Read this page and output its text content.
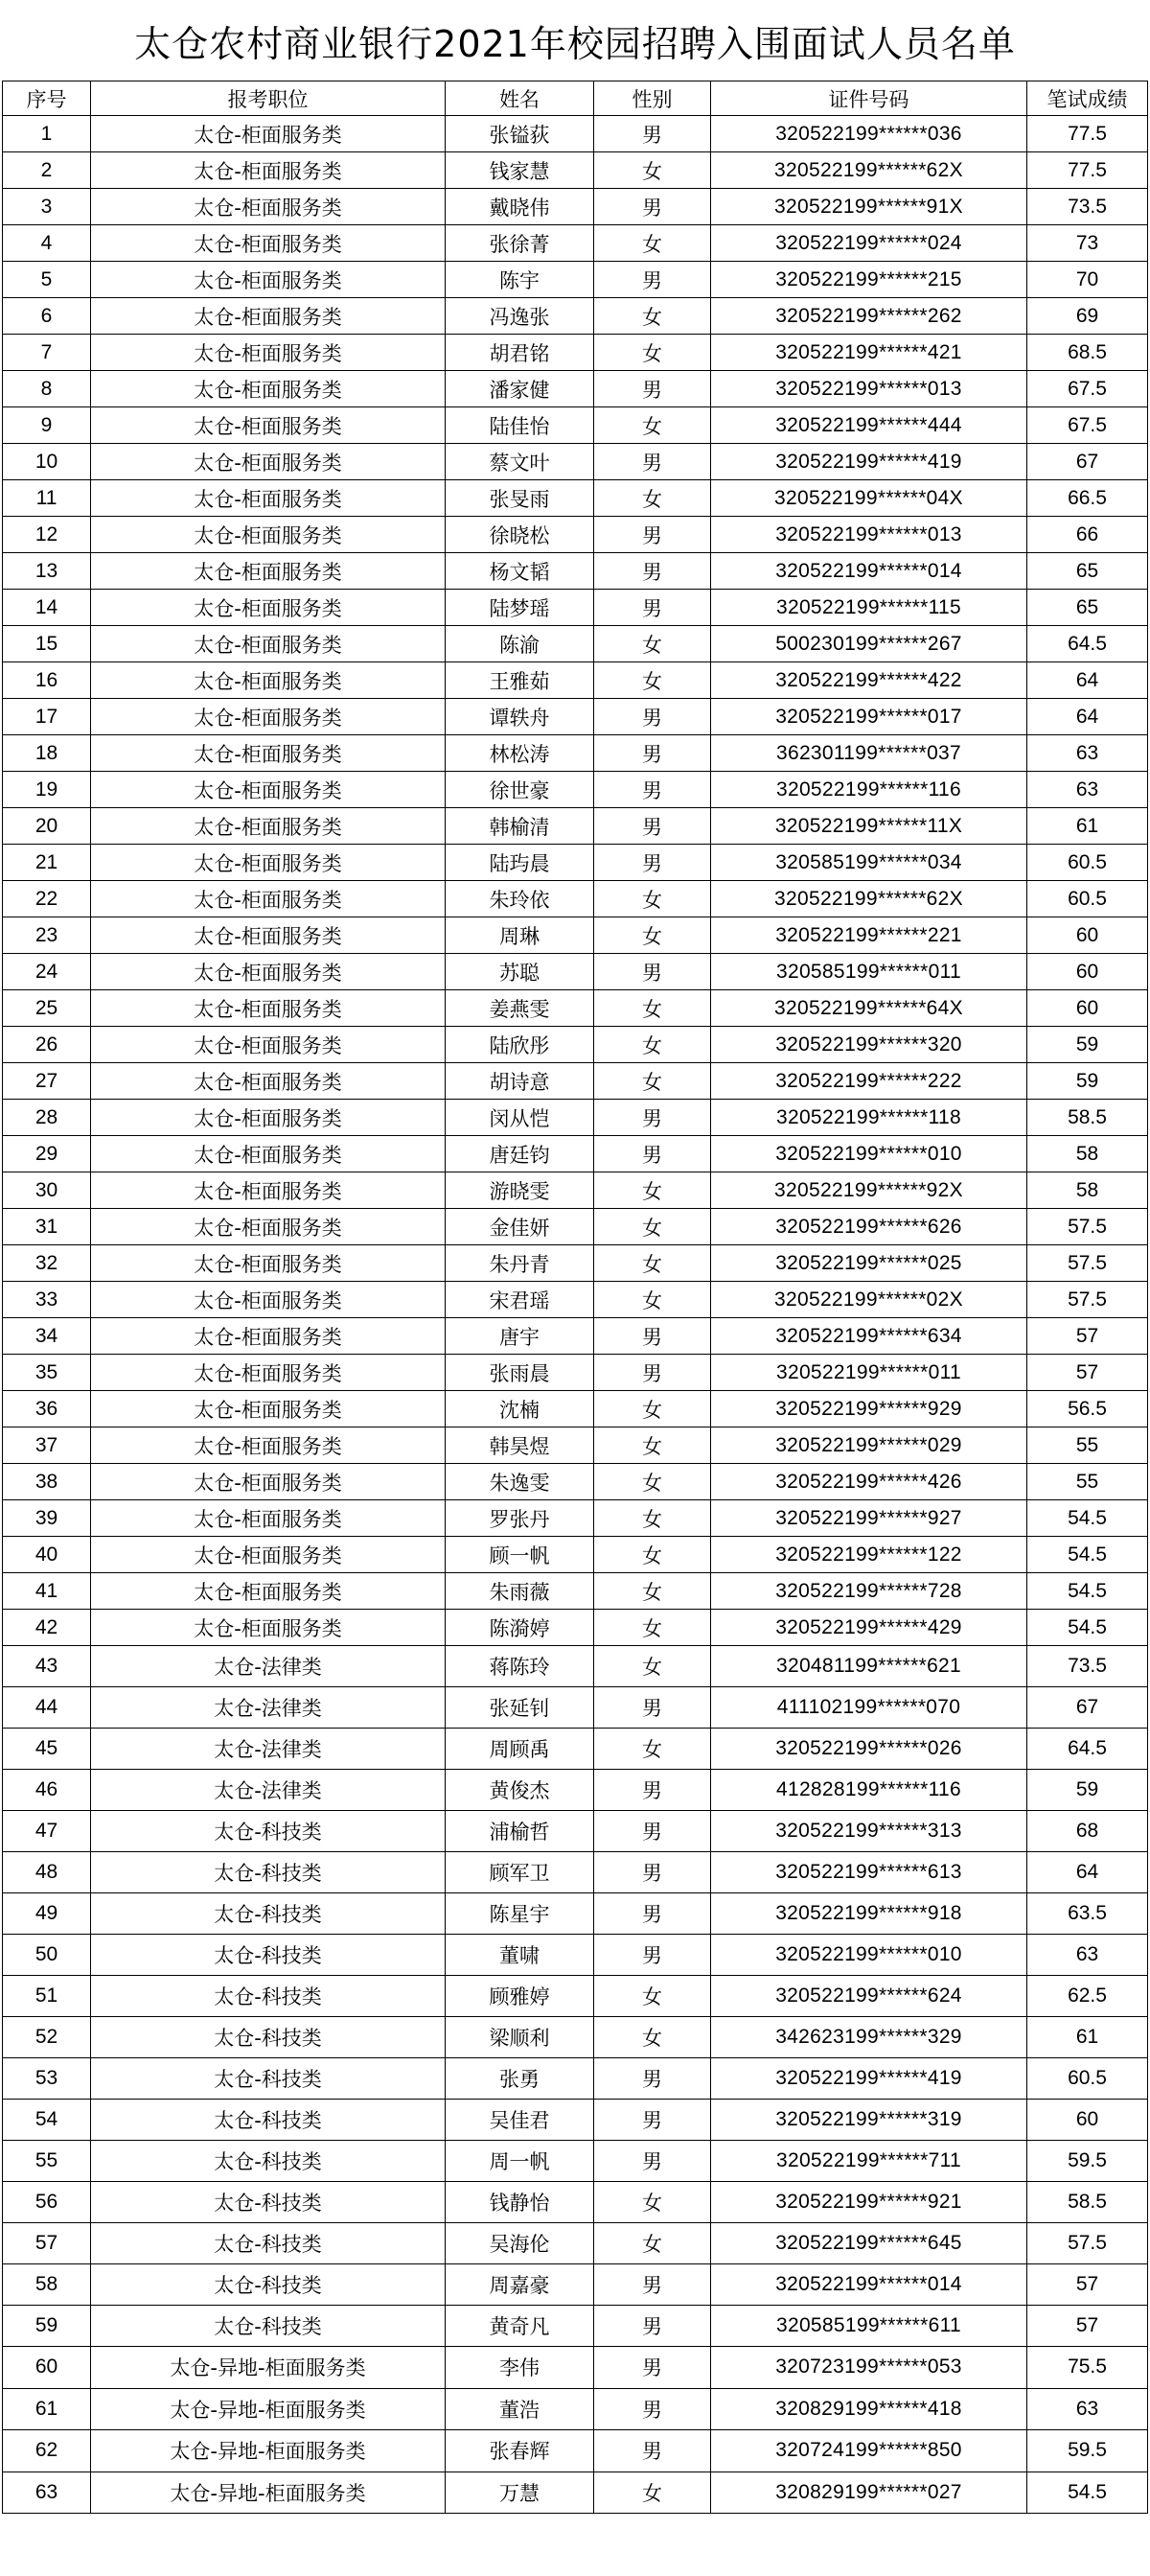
太仓农村商业银行2021年校园招聘入围面试人员名单
序号	报考职位	姓名	性别	证件号码	笔试成绩
1	太仓-柜面服务类	张镒荻	男	320522199******036	77.5
2	太仓-柜面服务类	钱家慧	女	320522199******62X	77.5
3	太仓-柜面服务类	戴晓伟	男	320522199******91X	73.5
4	太仓-柜面服务类	张徐菁	女	320522199******024	73
5	太仓-柜面服务类	陈宇	男	320522199******215	70
6	太仓-柜面服务类	冯逸张	女	320522199******262	69
7	太仓-柜面服务类	胡君铭	女	320522199******421	68.5
8	太仓-柜面服务类	潘家健	男	320522199******013	67.5
9	太仓-柜面服务类	陆佳怡	女	320522199******444	67.5
10	太仓-柜面服务类	蔡文叶	男	320522199******419	67
11	太仓-柜面服务类	张旻雨	女	320522199******04X	66.5
12	太仓-柜面服务类	徐晓松	男	320522199******013	66
13	太仓-柜面服务类	杨文韬	男	320522199******014	65
14	太仓-柜面服务类	陆梦瑶	男	320522199******115	65
15	太仓-柜面服务类	陈渝	女	500230199******267	64.5
16	太仓-柜面服务类	王雅茹	女	320522199******422	64
17	太仓-柜面服务类	谭轶舟	男	320522199******017	64
18	太仓-柜面服务类	林松涛	男	362301199******037	63
19	太仓-柜面服务类	徐世豪	男	320522199******116	63
20	太仓-柜面服务类	韩榆清	男	320522199******11X	61
21	太仓-柜面服务类	陆玙晨	男	320585199******034	60.5
22	太仓-柜面服务类	朱玲依	女	320522199******62X	60.5
23	太仓-柜面服务类	周琳	女	320522199******221	60
24	太仓-柜面服务类	苏聪	男	320585199******011	60
25	太仓-柜面服务类	姜燕雯	女	320522199******64X	60
26	太仓-柜面服务类	陆欣彤	女	320522199******320	59
27	太仓-柜面服务类	胡诗意	女	320522199******222	59
28	太仓-柜面服务类	闵从恺	男	320522199******118	58.5
29	太仓-柜面服务类	唐廷钧	男	320522199******010	58
30	太仓-柜面服务类	游晓雯	女	320522199******92X	58
31	太仓-柜面服务类	金佳妍	女	320522199******626	57.5
32	太仓-柜面服务类	朱丹青	女	320522199******025	57.5
33	太仓-柜面服务类	宋君瑶	女	320522199******02X	57.5
34	太仓-柜面服务类	唐宇	男	320522199******634	57
35	太仓-柜面服务类	张雨晨	男	320522199******011	57
36	太仓-柜面服务类	沈楠	女	320522199******929	56.5
37	太仓-柜面服务类	韩昊煜	女	320522199******029	55
38	太仓-柜面服务类	朱逸雯	女	320522199******426	55
39	太仓-柜面服务类	罗张丹	女	320522199******927	54.5
40	太仓-柜面服务类	顾一帆	女	320522199******122	54.5
41	太仓-柜面服务类	朱雨薇	女	320522199******728	54.5
42	太仓-柜面服务类	陈漪婷	女	320522199******429	54.5
43	太仓-法律类	蒋陈玲	女	320481199******621	73.5
44	太仓-法律类	张延钊	男	411102199******070	67
45	太仓-法律类	周顾禹	女	320522199******026	64.5
46	太仓-法律类	黄俊杰	男	412828199******116	59
47	太仓-科技类	浦榆哲	男	320522199******313	68
48	太仓-科技类	顾军卫	男	320522199******613	64
49	太仓-科技类	陈星宇	男	320522199******918	63.5
50	太仓-科技类	董啸	男	320522199******010	63
51	太仓-科技类	顾雅婷	女	320522199******624	62.5
52	太仓-科技类	梁顺利	女	342623199******329	61
53	太仓-科技类	张勇	男	320522199******419	60.5
54	太仓-科技类	吴佳君	男	320522199******319	60
55	太仓-科技类	周一帆	男	320522199******711	59.5
56	太仓-科技类	钱静怡	女	320522199******921	58.5
57	太仓-科技类	吴海伦	女	320522199******645	57.5
58	太仓-科技类	周嘉豪	男	320522199******014	57
59	太仓-科技类	黄奇凡	男	320585199******611	57
60	太仓-异地-柜面服务类	李伟	男	320723199******053	75.5
61	太仓-异地-柜面服务类	董浩	男	320829199******418	63
62	太仓-异地-柜面服务类	张春辉	男	320724199******850	59.5
63	太仓-异地-柜面服务类	万慧	女	320829199******027	54.5
